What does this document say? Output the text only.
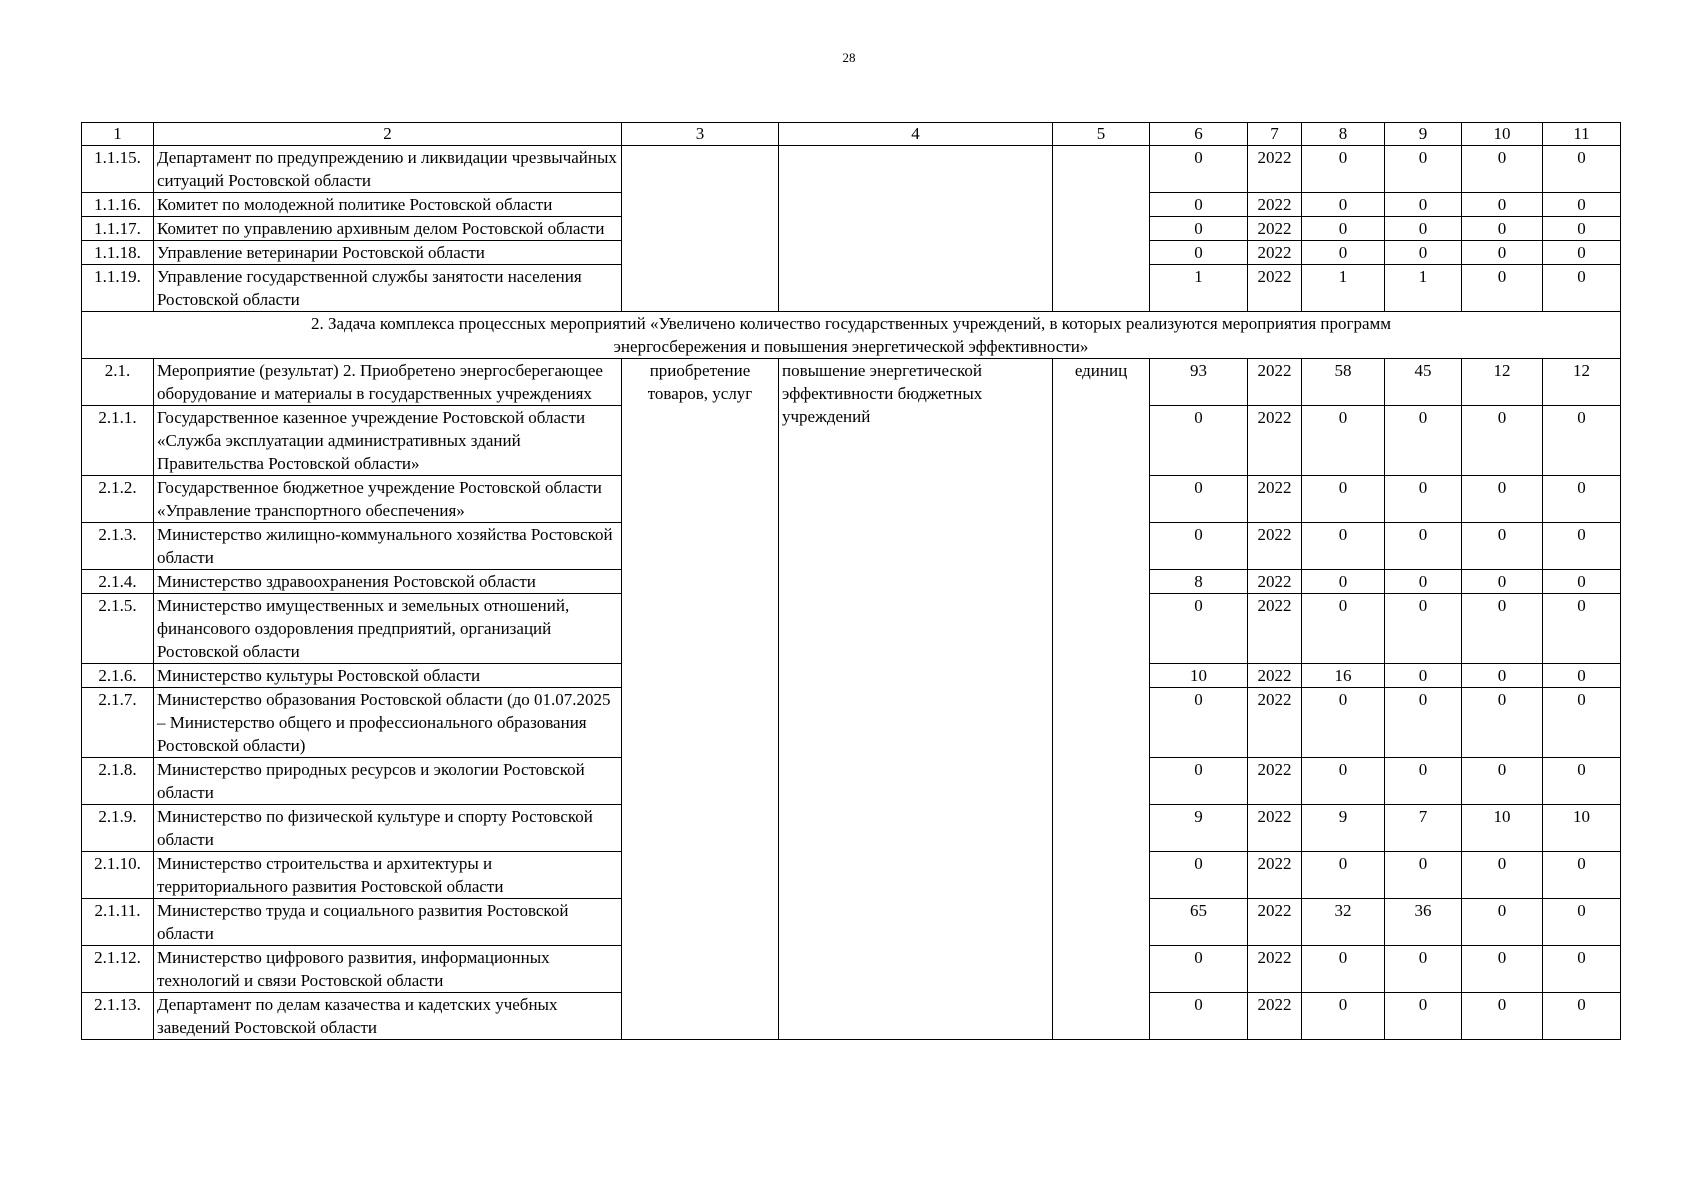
28
1	2	3	4	5	6	7	8	9	10	11
1.1.15.	Департамент по предупреждению и ликвидации чрезвычайных ситуаций Ростовской области				0	2022	0	0	0	0
1.1.16.	Комитет по молодежной политике Ростовской области				0	2022	0	0	0	0
1.1.17.	Комитет по управлению архивным делом Ростовской области				0	2022	0	0	0	0
1.1.18.	Управление ветеринарии Ростовской области				0	2022	0	0	0	0
1.1.19.	Управление государственной службы занятости населения Ростовской области				1	2022	1	1	0	0
2. Задача комплекса процессных мероприятий «Увеличено количество государственных учреждений, в которых реализуются мероприятия программ энергосбережения и повышения энергетической эффективности»										
2.1.	Мероприятие (результат) 2. Приобретено энергосберегающее оборудование и материалы в государственных учреждениях	приобретение товаров, услуг	повышение энергетической эффективности бюджетных учреждений	единиц	93	2022	58	45	12	12
2.1.1.	Государственное казенное учреждение Ростовской области «Служба эксплуатации административных зданий Правительства Ростовской области»				0	2022	0	0	0	0
2.1.2.	Государственное бюджетное учреждение Ростовской области «Управление транспортного обеспечения»				0	2022	0	0	0	0
2.1.3.	Министерство жилищно-коммунального хозяйства Ростовской области				0	2022	0	0	0	0
2.1.4.	Министерство здравоохранения Ростовской области				8	2022	0	0	0	0
2.1.5.	Министерство имущественных и земельных отношений, финансового оздоровления предприятий, организаций Ростовской области				0	2022	0	0	0	0
2.1.6.	Министерство культуры Ростовской области				10	2022	16	0	0	0
2.1.7.	Министерство образования Ростовской области (до 01.07.2025 – Министерство общего и профессионального образования Ростовской области)				0	2022	0	0	0	0
2.1.8.	Министерство природных ресурсов и экологии Ростовской области				0	2022	0	0	0	0
2.1.9.	Министерство по физической культуре и спорту Ростовской области				9	2022	9	7	10	10
2.1.10.	Министерство строительства и архитектуры и территориального развития Ростовской области				0	2022	0	0	0	0
2.1.11.	Министерство труда и социального развития Ростовской области				65	2022	32	36	0	0
2.1.12.	Министерство цифрового развития, информационных технологий и связи Ростовской области				0	2022	0	0	0	0
2.1.13.	Департамент по делам казачества и кадетских учебных заведений Ростовской области				0	2022	0	0	0	0
